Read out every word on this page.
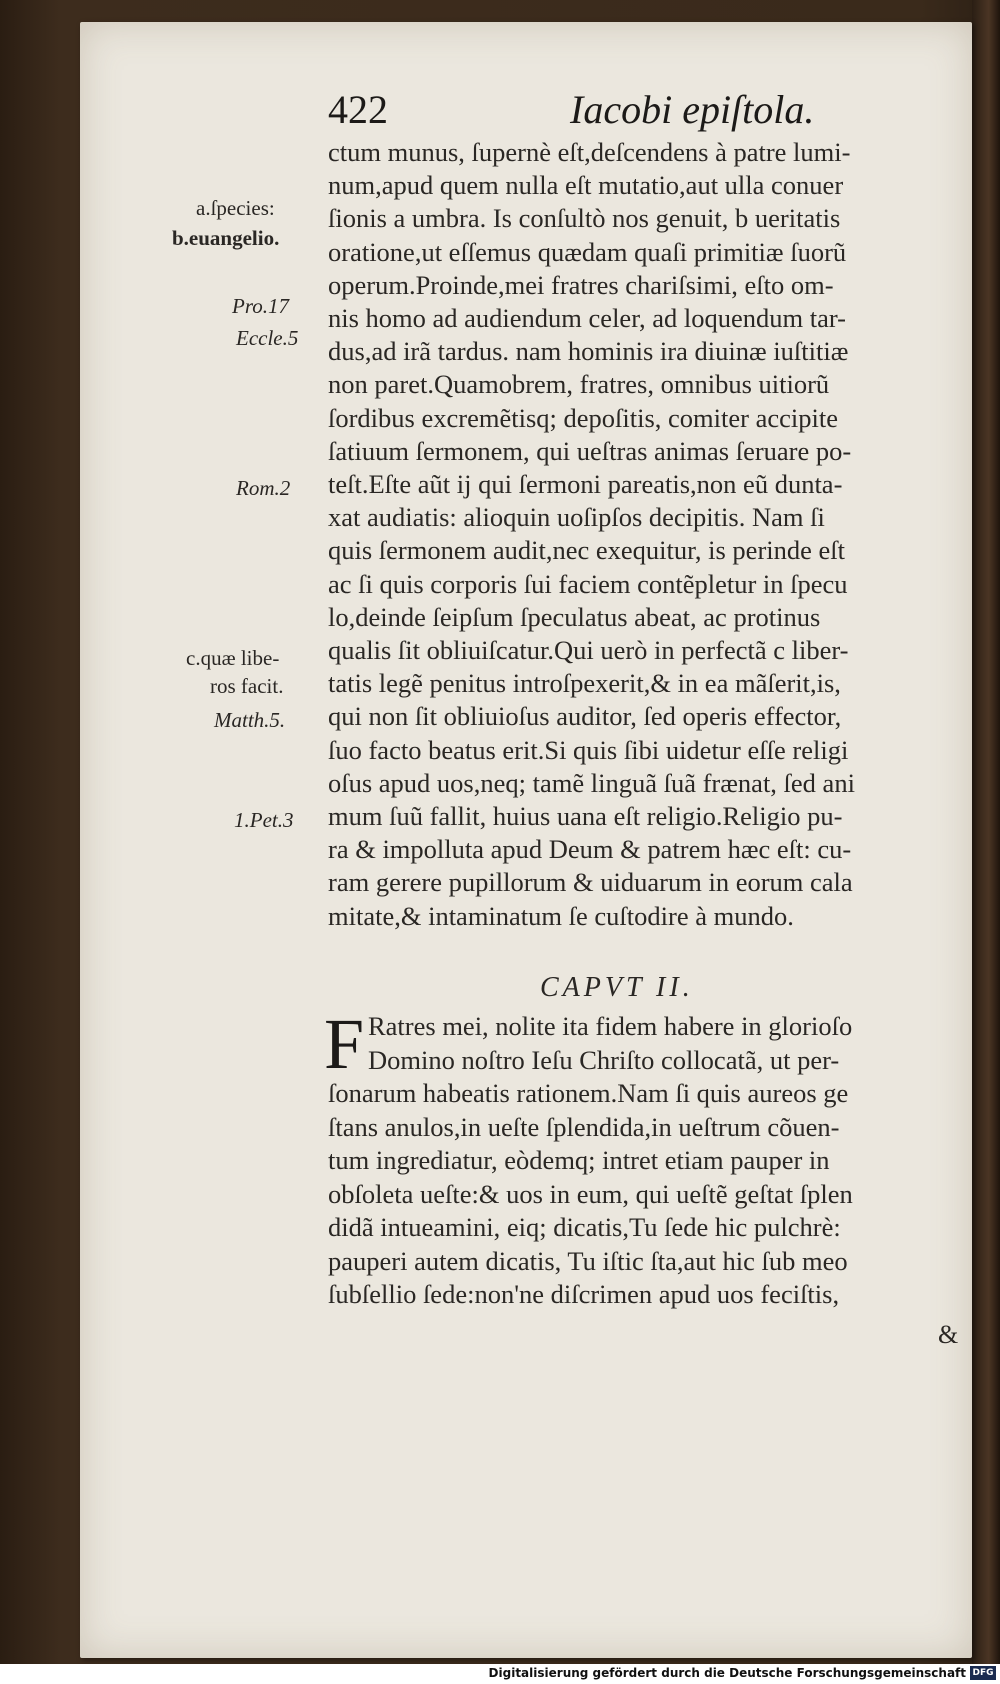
422	Iacobi epiſtola.
a.ſpecies:
b.euangelio.
Pro.17
Eccle.5
Rom.2
c.quæ libe-
ros facit.
Matth.5.
1.Pet.3
ctum munus, ſupernè eſt,deſcendens à patre lumi-
num,apud quem nulla eſt mutatio,aut ulla conuer
ſionis a umbra. Is conſultò nos genuit, b ueritatis
oratione,ut eſſemus quædam quaſi primitiæ ſuorũ
operum.Proinde,mei fratres chariſsimi, eſto om-
nis homo ad audiendum celer, ad loquendum tar-
dus,ad irã tardus. nam hominis ira diuinæ iuſtitiæ
non paret.Quamobrem, fratres, omnibus uitiorũ
ſordibus excremẽtisq; depoſitis, comiter accipite
ſatiuum ſermonem, qui ueſtras animas ſeruare po-
teſt.Eſte aũt ij qui ſermoni pareatis,non eũ dunta-
xat audiatis: alioquin uoſipſos decipitis. Nam ſi
quis ſermonem audit,nec exequitur, is perinde eſt
ac ſi quis corporis ſui faciem contẽpletur in ſpecu
lo,deinde ſeipſum ſpeculatus abeat, ac protinus
qualis ſit obliuiſcatur.Qui uerò in perfectã c liber-
tatis legẽ penitus introſpexerit,& in ea mãſerit,is,
qui non ſit obliuioſus auditor, ſed operis effector,
ſuo facto beatus erit.Si quis ſibi uidetur eſſe religi
oſus apud uos,neq; tamẽ linguã ſuã frænat, ſed ani
mum ſuũ fallit, huius uana eſt religio.Religio pu-
ra & impolluta apud Deum & patrem hæc eſt: cu-
ram gerere pupillorum & uiduarum in eorum cala
mitate,& intaminatum ſe cuſtodire à mundo.
CAPVT II.
F Ratres mei, nolite ita fidem habere in glorioſo
Domino noſtro Ieſu Chriſto collocatã, ut per-
ſonarum habeatis rationem.Nam ſi quis aureos ge
ſtans anulos,in ueſte ſplendida,in ueſtrum cõuen-
tum ingrediatur, eòdemq; intret etiam pauper in
obſoleta ueſte:& uos in eum, qui ueſtẽ geſtat ſplen
didã intueamini, eiq; dicatis,Tu ſede hic pulchrè:
pauperi autem dicatis, Tu iſtic ſta,aut hic ſub meo
ſubſellio ſede:non'ne diſcrimen apud uos feciſtis,
&
Digitalisierung gefördert durch die Deutsche Forschungsgemeinschaft DFG
